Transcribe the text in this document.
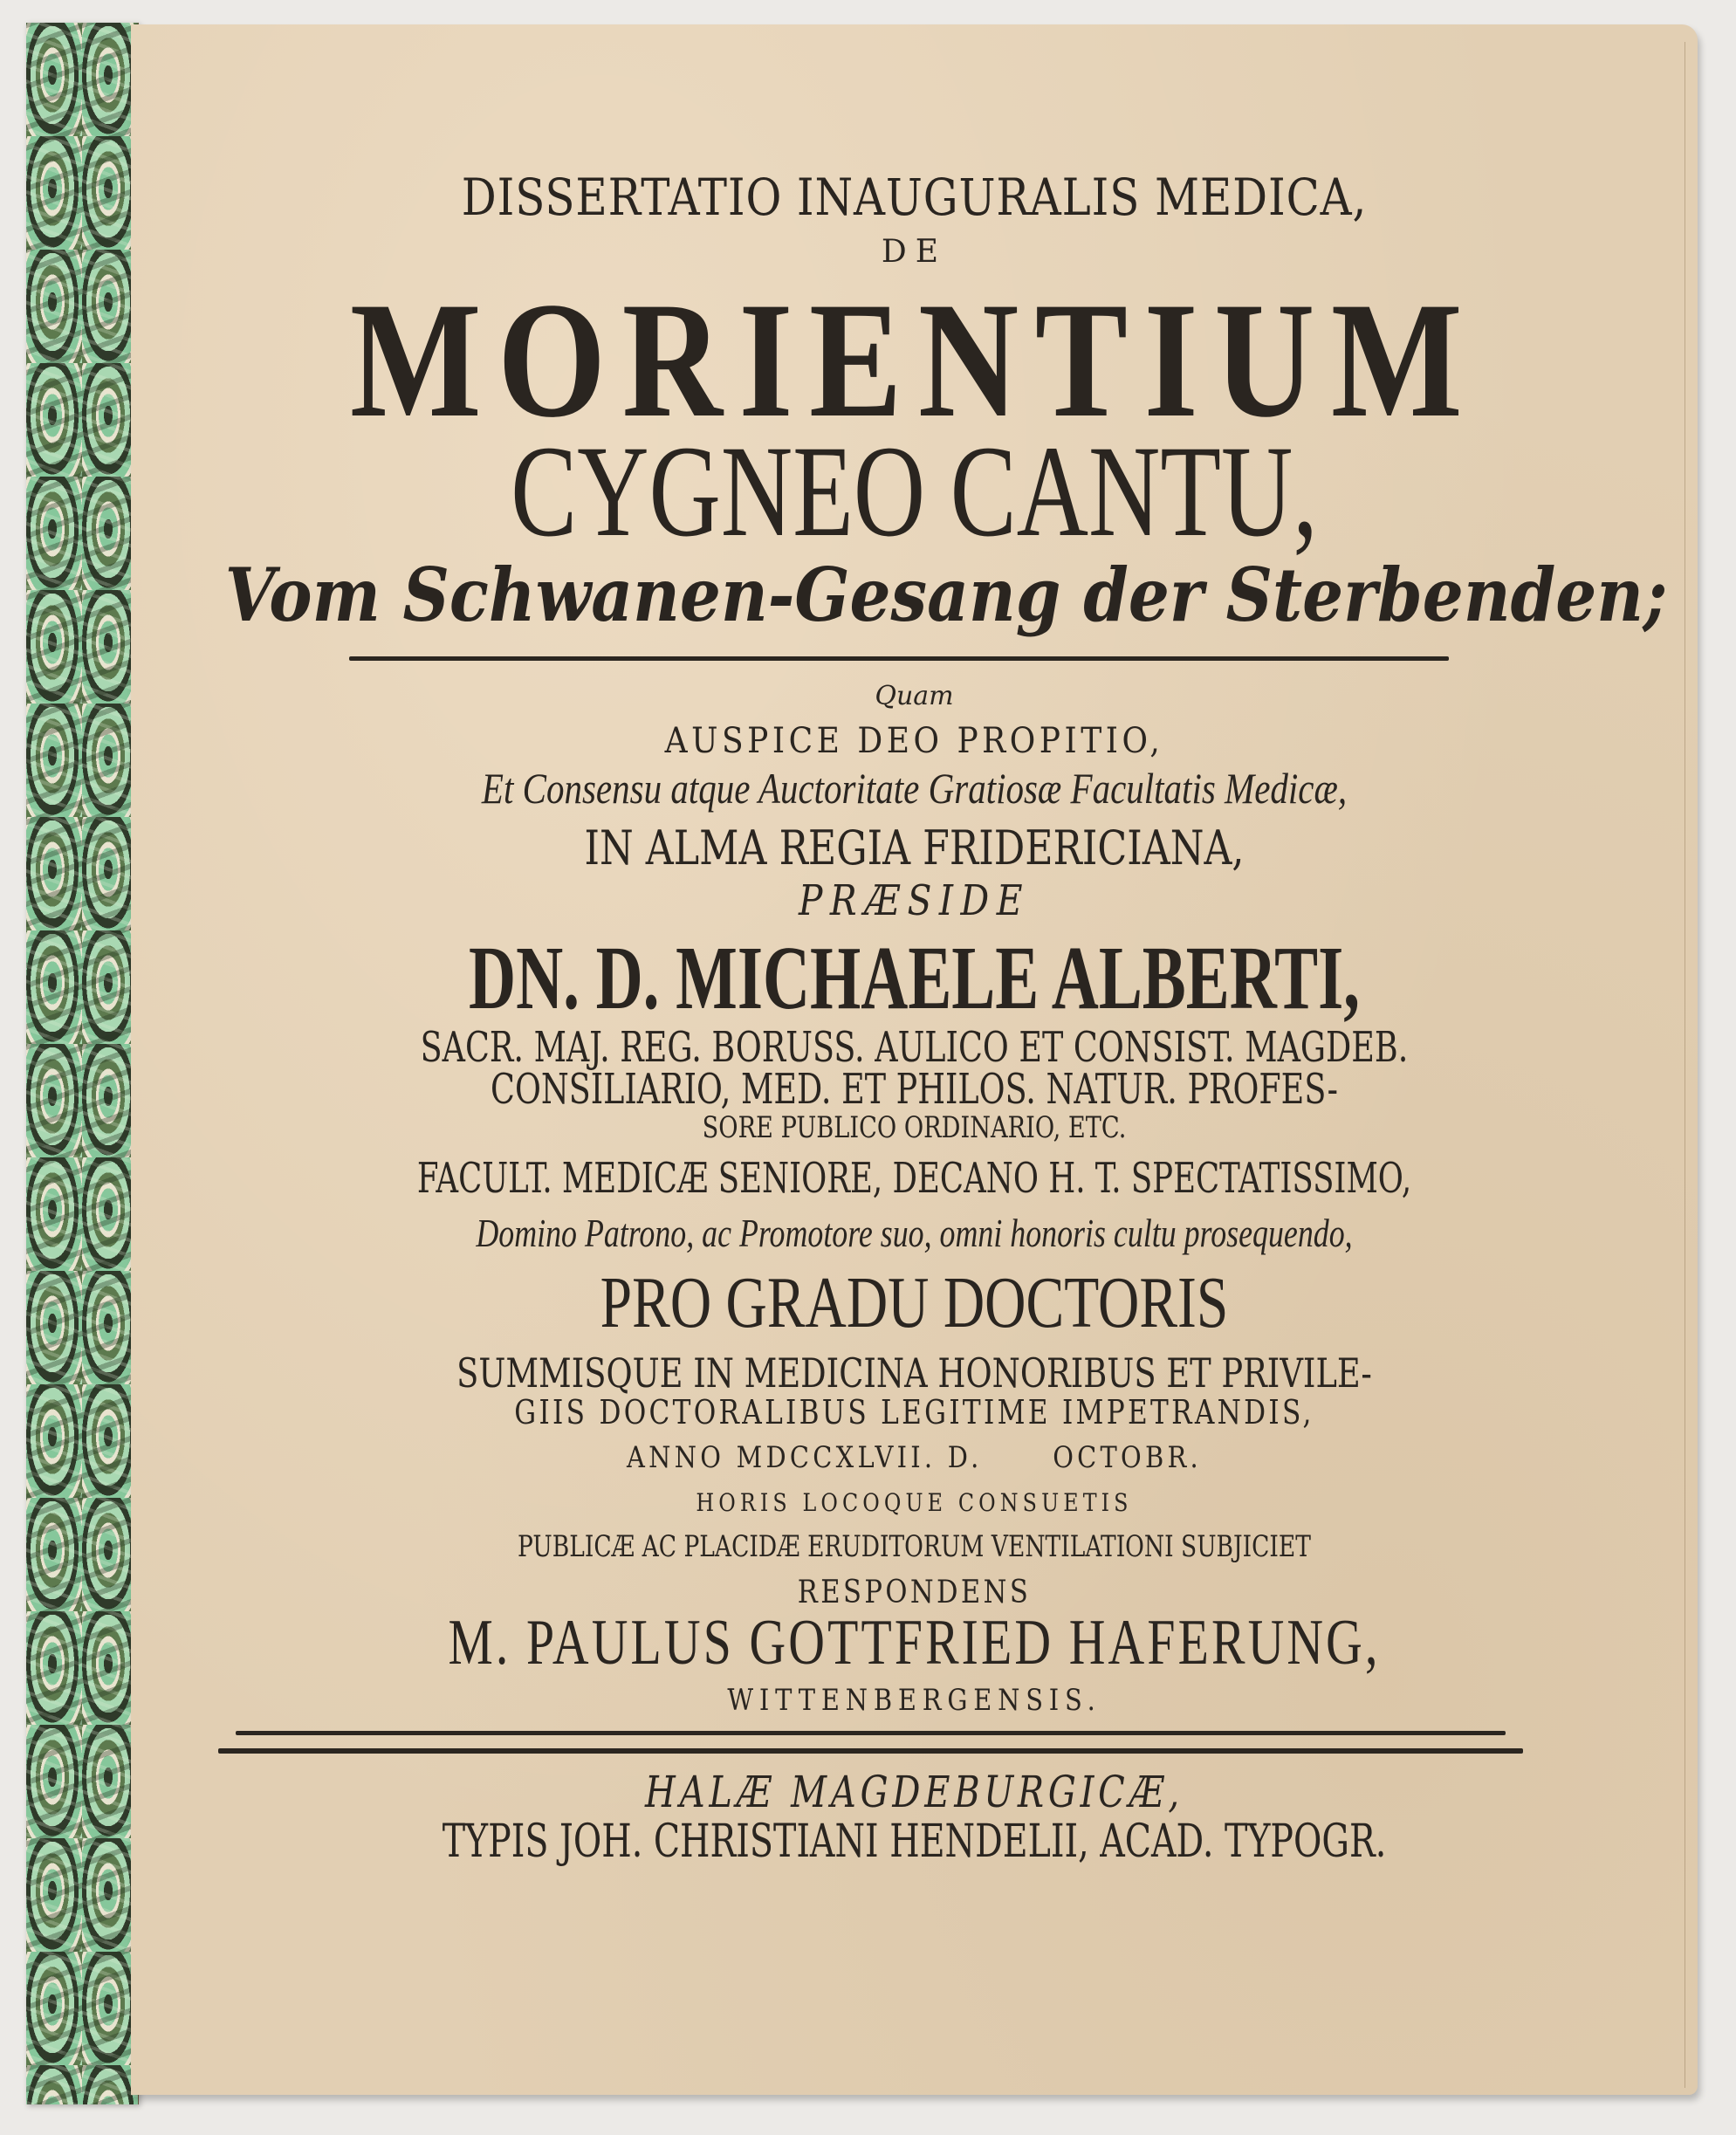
DISSERTATIO INAUGURALIS MEDICA,
DE
MORIENTIUM
CYGNEO CANTU,
Vom Schwanen-Gesang der Sterbenden;
Quam
AUSPICE DEO PROPITIO,
Et Consensu atque Auctoritate Gratiosæ Facultatis Medicæ,
IN ALMA REGIA FRIDERICIANA,
PRÆSIDE
DN. D. MICHAELE ALBERTI,
SACR. MAJ. REG. BORUSS. AULICO ET CONSIST. MAGDEB.
CONSILIARIO, MED. ET PHILOS. NATUR. PROFES-
SORE PUBLICO ORDINARIO, ETC.
FACULT. MEDICÆ SENIORE, DECANO H. T. SPECTATISSIMO,
Domino Patrono, ac Promotore suo, omni honoris cultu prosequendo,
PRO GRADU DOCTORIS
SUMMISQUE IN MEDICINA HONORIBUS ET PRIVILE-
GIIS DOCTORALIBUS LEGITIME IMPETRANDIS,
ANNO MDCCXLVII. D.      OCTOBR.
HORIS LOCOQUE CONSUETIS
PUBLICÆ AC PLACIDÆ ERUDITORUM VENTILATIONI SUBJICIET
RESPONDENS
M. PAULUS GOTTFRIED HAFERUNG,
WITTENBERGENSIS.
HALÆ MAGDEBURGICÆ,
TYPIS JOH. CHRISTIANI HENDELII, ACAD. TYPOGR.
